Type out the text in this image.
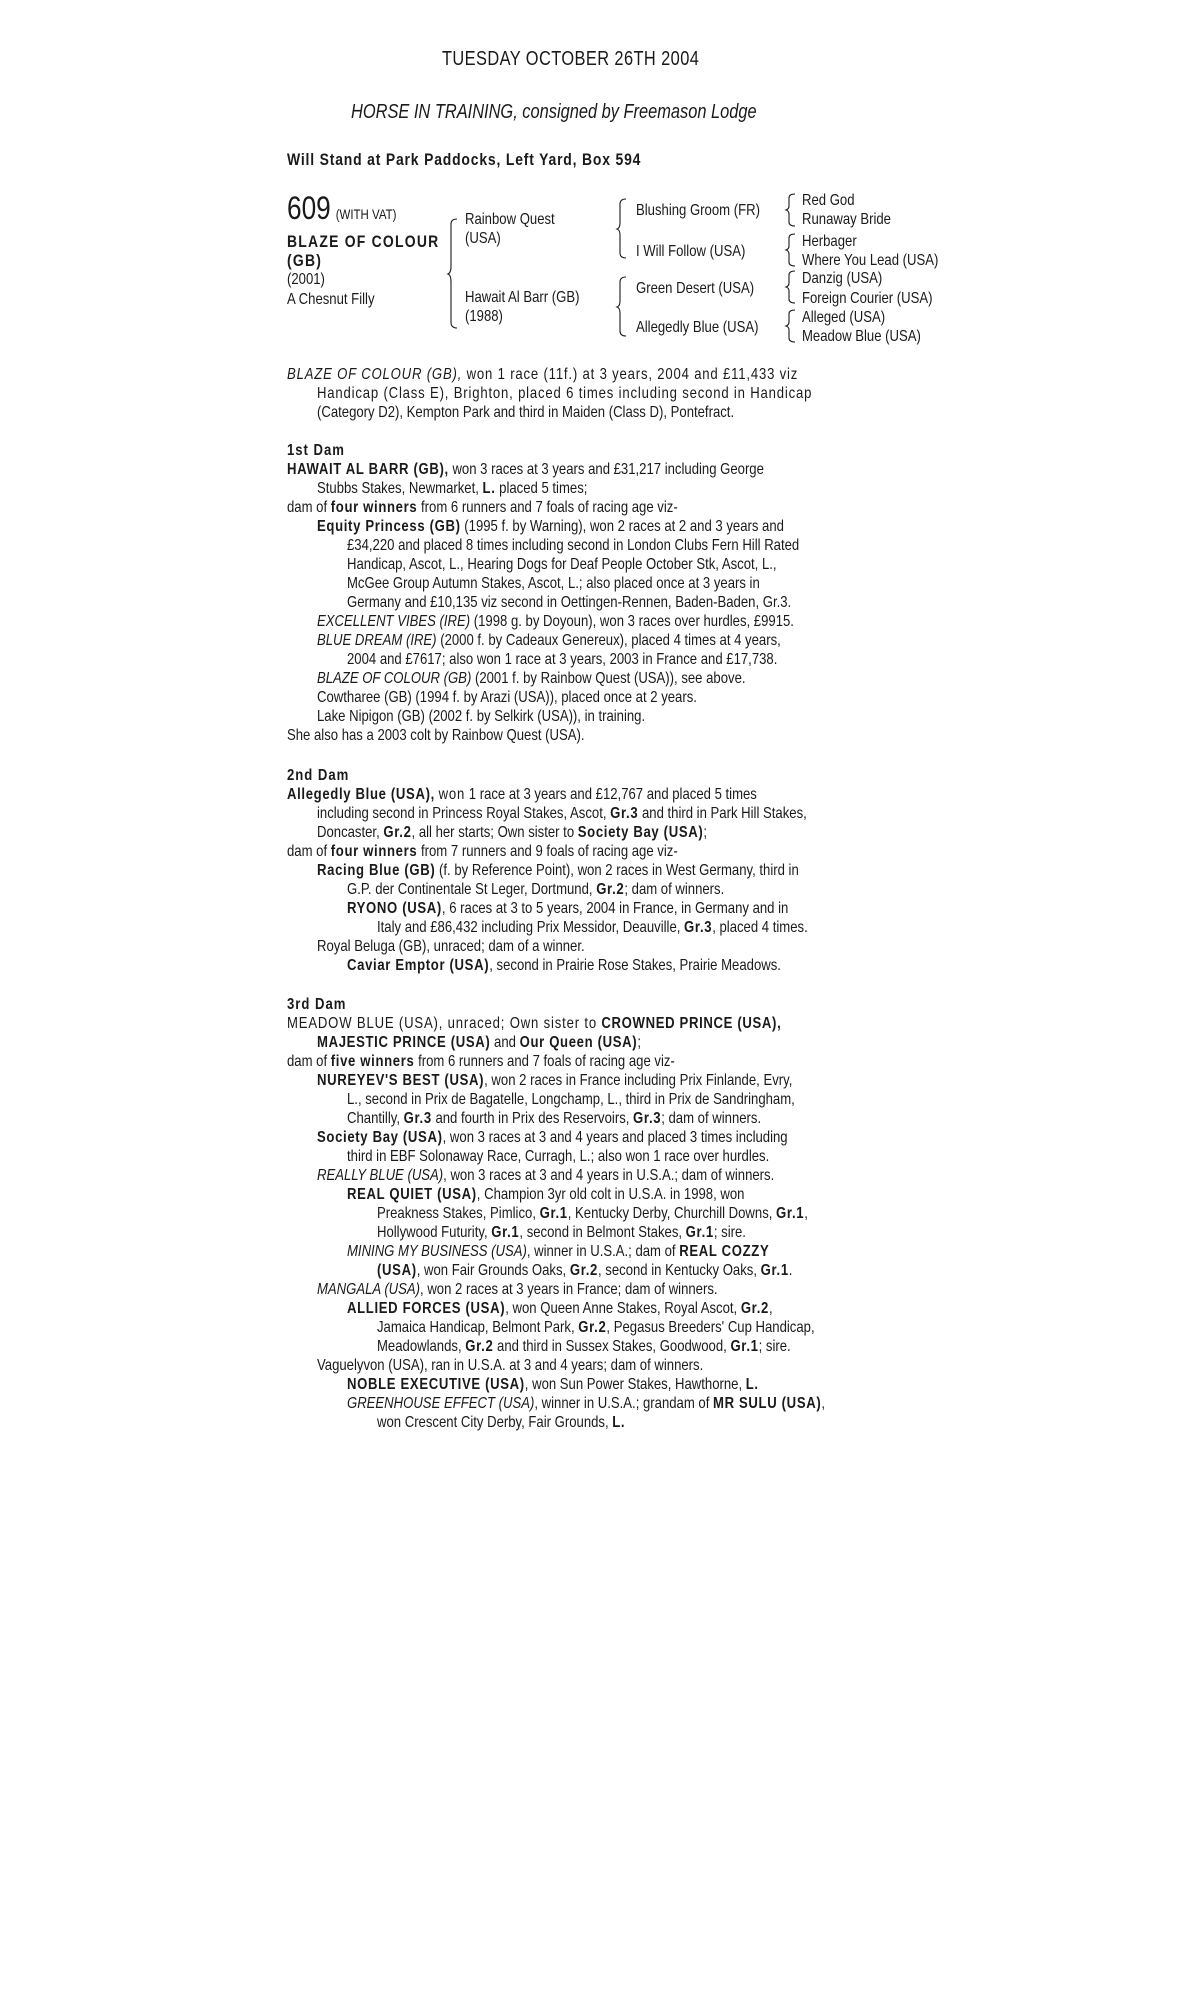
TUESDAY OCTOBER 26TH 2004
HORSE IN TRAINING, consigned by Freemason Lodge
Will Stand at Park Paddocks, Left Yard, Box 594
609 (WITH VAT)
BLAZE OF COLOUR
(GB)
(2001)
A Chesnut Filly
Rainbow Quest
(USA)
Hawait Al Barr (GB)
(1988)
Blushing Groom (FR)
I Will Follow (USA)
Green Desert (USA)
Allegedly Blue (USA)
Red God
Runaway Bride
Herbager
Where You Lead (USA)
Danzig (USA)
Foreign Courier (USA)
Alleged (USA)
Meadow Blue (USA)
BLAZE OF COLOUR (GB), won 1 race (11f.) at 3 years, 2004 and £11,433 viz
Handicap (Class E), Brighton, placed 6 times including second in Handicap
(Category D2), Kempton Park and third in Maiden (Class D), Pontefract.
1st Dam
HAWAIT AL BARR (GB), won 3 races at 3 years and £31,217 including George
Stubbs Stakes, Newmarket, L. placed 5 times;
dam of four winners from 6 runners and 7 foals of racing age viz-
Equity Princess (GB) (1995 f. by Warning), won 2 races at 2 and 3 years and
£34,220 and placed 8 times including second in London Clubs Fern Hill Rated
Handicap, Ascot, L., Hearing Dogs for Deaf People October Stk, Ascot, L.,
McGee Group Autumn Stakes, Ascot, L.; also placed once at 3 years in
Germany and £10,135 viz second in Oettingen-Rennen, Baden-Baden, Gr.3.
EXCELLENT VIBES (IRE) (1998 g. by Doyoun), won 3 races over hurdles, £9915.
BLUE DREAM (IRE) (2000 f. by Cadeaux Genereux), placed 4 times at 4 years,
2004 and £7617; also won 1 race at 3 years, 2003 in France and £17,738.
BLAZE OF COLOUR (GB) (2001 f. by Rainbow Quest (USA)), see above.
Cowtharee (GB) (1994 f. by Arazi (USA)), placed once at 2 years.
Lake Nipigon (GB) (2002 f. by Selkirk (USA)), in training.
She also has a 2003 colt by Rainbow Quest (USA).
2nd Dam
Allegedly Blue (USA), won 1 race at 3 years and £12,767 and placed 5 times
including second in Princess Royal Stakes, Ascot, Gr.3 and third in Park Hill Stakes,
Doncaster, Gr.2, all her starts; Own sister to Society Bay (USA);
dam of four winners from 7 runners and 9 foals of racing age viz-
Racing Blue (GB) (f. by Reference Point), won 2 races in West Germany, third in
G.P. der Continentale St Leger, Dortmund, Gr.2; dam of winners.
RYONO (USA), 6 races at 3 to 5 years, 2004 in France, in Germany and in
Italy and £86,432 including Prix Messidor, Deauville, Gr.3, placed 4 times.
Royal Beluga (GB), unraced; dam of a winner.
Caviar Emptor (USA), second in Prairie Rose Stakes, Prairie Meadows.
3rd Dam
MEADOW BLUE (USA), unraced; Own sister to CROWNED PRINCE (USA),
MAJESTIC PRINCE (USA) and Our Queen (USA);
dam of five winners from 6 runners and 7 foals of racing age viz-
NUREYEV'S BEST (USA), won 2 races in France including Prix Finlande, Evry,
L., second in Prix de Bagatelle, Longchamp, L., third in Prix de Sandringham,
Chantilly, Gr.3 and fourth in Prix des Reservoirs, Gr.3; dam of winners.
Society Bay (USA), won 3 races at 3 and 4 years and placed 3 times including
third in EBF Solonaway Race, Curragh, L.; also won 1 race over hurdles.
REALLY BLUE (USA), won 3 races at 3 and 4 years in U.S.A.; dam of winners.
REAL QUIET (USA), Champion 3yr old colt in U.S.A. in 1998, won
Preakness Stakes, Pimlico, Gr.1, Kentucky Derby, Churchill Downs, Gr.1,
Hollywood Futurity, Gr.1, second in Belmont Stakes, Gr.1; sire.
MINING MY BUSINESS (USA), winner in U.S.A.; dam of REAL COZZY
(USA), won Fair Grounds Oaks, Gr.2, second in Kentucky Oaks, Gr.1.
MANGALA (USA), won 2 races at 3 years in France; dam of winners.
ALLIED FORCES (USA), won Queen Anne Stakes, Royal Ascot, Gr.2,
Jamaica Handicap, Belmont Park, Gr.2, Pegasus Breeders' Cup Handicap,
Meadowlands, Gr.2 and third in Sussex Stakes, Goodwood, Gr.1; sire.
Vaguelyvon (USA), ran in U.S.A. at 3 and 4 years; dam of winners.
NOBLE EXECUTIVE (USA), won Sun Power Stakes, Hawthorne, L.
GREENHOUSE EFFECT (USA), winner in U.S.A.; grandam of MR SULU (USA),
won Crescent City Derby, Fair Grounds, L.
